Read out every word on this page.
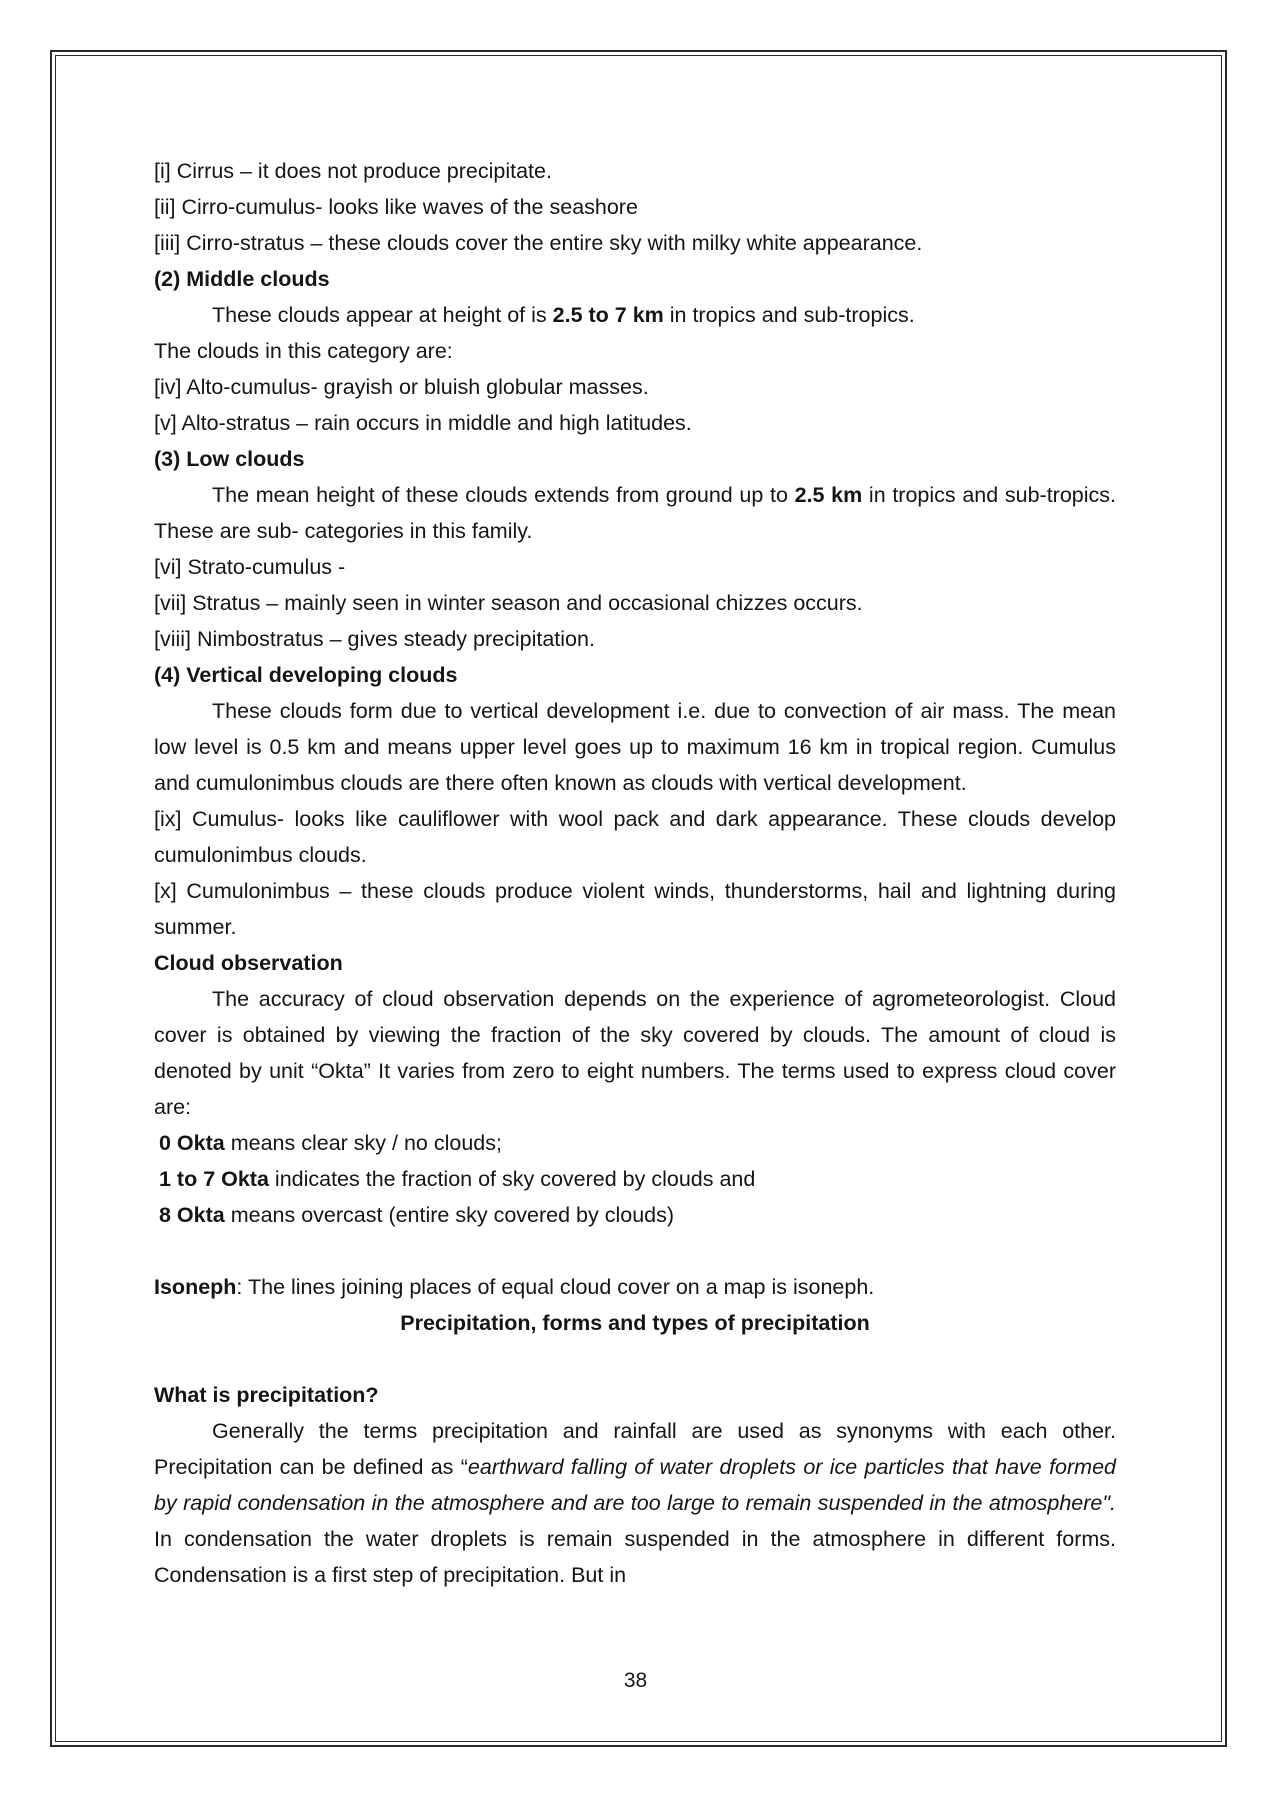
[i] Cirrus – it does not produce precipitate.

[ii] Cirro-cumulus- looks like waves of the seashore

[iii] Cirro-stratus – these clouds cover the entire sky with milky white appearance.

(2) Middle clouds

These clouds appear at height of is 2.5 to 7 km in tropics and sub-tropics.

The clouds in this category are:

[iv] Alto-cumulus- grayish or bluish globular masses.

[v] Alto-stratus – rain occurs in middle and high latitudes.

(3) Low clouds

The mean height of these clouds extends from ground up to 2.5 km in tropics and sub-tropics. These are sub- categories in this family.

[vi] Strato-cumulus -

[vii] Stratus – mainly seen in winter season and occasional chizzes occurs.

[viii] Nimbostratus – gives steady precipitation.

(4) Vertical developing clouds

These clouds form due to vertical development i.e. due to convection of air mass. The mean low level is 0.5 km and means upper level goes up to maximum 16 km in tropical region. Cumulus and cumulonimbus clouds are there often known as clouds with vertical development.

[ix] Cumulus- looks like cauliflower with wool pack and dark appearance. These clouds develop cumulonimbus clouds.

[x] Cumulonimbus – these clouds produce violent winds, thunderstorms, hail and lightning during summer.

Cloud observation

The accuracy of cloud observation depends on the experience of agrometeorologist. Cloud cover is obtained by viewing the fraction of the sky covered by clouds. The amount of cloud is denoted by unit “Okta” It varies from zero to eight numbers. The terms used to express cloud cover are:

0 Okta means clear sky / no clouds;

1 to 7 Okta indicates the fraction of sky covered by clouds and

8 Okta means overcast (entire sky covered by clouds)

Isoneph: The lines joining places of equal cloud cover on a map is isoneph.

Precipitation, forms and types of precipitation

What is precipitation?

Generally the terms precipitation and rainfall are used as synonyms with each other. Precipitation can be defined as “earthward falling of water droplets or ice particles that have formed by rapid condensation in the atmosphere and are too large to remain suspended in the atmosphere". In condensation the water droplets is remain suspended in the atmosphere in different forms. Condensation is a first step of precipitation. But in

38
